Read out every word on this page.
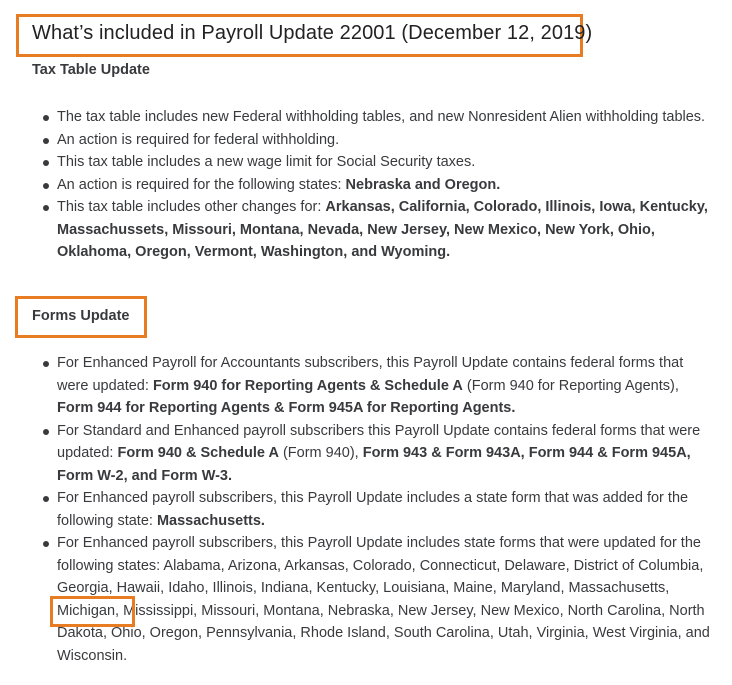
What’s included in Payroll Update 22001 (December 12, 2019)
Tax Table Update
The tax table includes new Federal withholding tables, and new Nonresident Alien withholding tables.
An action is required for federal withholding.
This tax table includes a new wage limit for Social Security taxes.
An action is required for the following states: Nebraska and Oregon.
This tax table includes other changes for: Arkansas, California, Colorado, Illinois, Iowa, Kentucky, Massachussets, Missouri, Montana, Nevada, New Jersey, New Mexico, New York, Ohio, Oklahoma, Oregon, Vermont, Washington, and Wyoming.
Forms Update
For Enhanced Payroll for Accountants subscribers, this Payroll Update contains federal forms that were updated: Form 940 for Reporting Agents & Schedule A (Form 940 for Reporting Agents), Form 944 for Reporting Agents & Form 945A for Reporting Agents.
For Standard and Enhanced payroll subscribers this Payroll Update contains federal forms that were updated: Form 940 & Schedule A (Form 940), Form 943 & Form 943A, Form 944 & Form 945A, Form W-2, and Form W-3.
For Enhanced payroll subscribers, this Payroll Update includes a state form that was added for the following state: Massachusetts.
For Enhanced payroll subscribers, this Payroll Update includes state forms that were updated for the following states: Alabama, Arizona, Arkansas, Colorado, Connecticut, Delaware, District of Columbia, Georgia, Hawaii, Idaho, Illinois, Indiana, Kentucky, Louisiana, Maine, Maryland, Massachusetts,
Michigan, Mississippi, Missouri, Montana, Nebraska, New Jersey, New Mexico, North Carolina, North Dakota, Ohio, Oregon, Pennsylvania, Rhode Island, South Carolina, Utah, Virginia, West Virginia, and Wisconsin.
